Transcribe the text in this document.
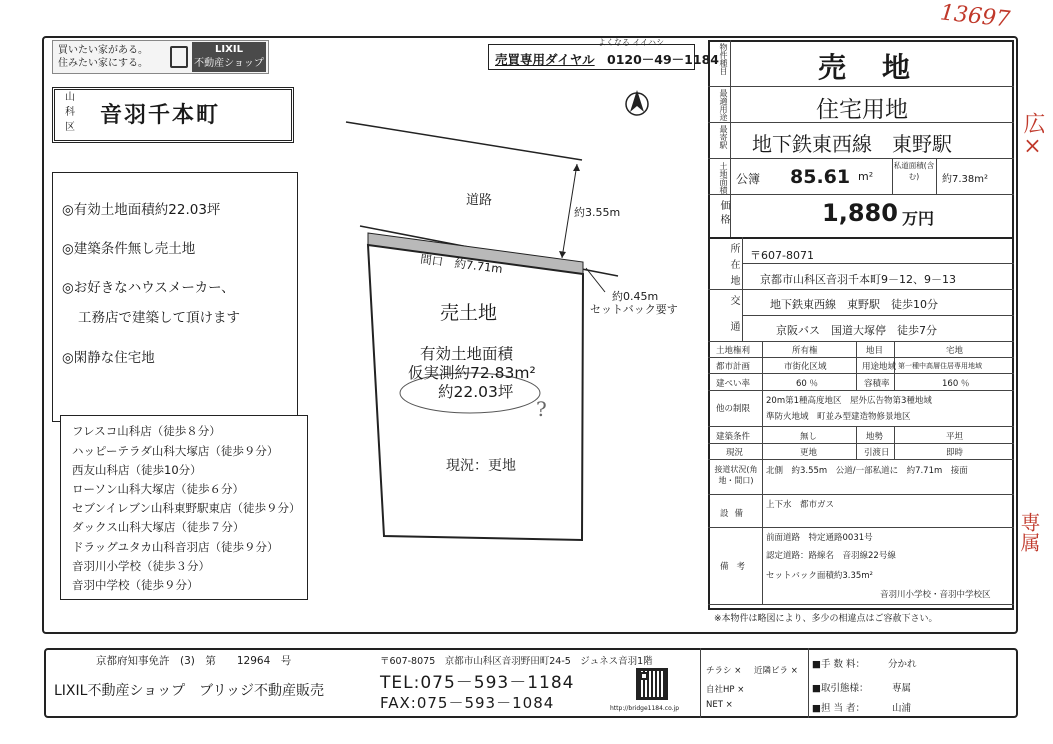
13697
広×
専属
買いたい家がある。
住みたい家にする。
LIXIL
不動産ショップ
山科区 音羽千本町
◎有効土地面積約22.03坪
◎建築条件無し売土地
◎お好きなハウスメーカー、
工務店で建築して頂けます
◎閑静な住宅地
フレスコ山科店（徒歩８分）
ハッピーテラダ山科大塚店（徒歩９分）
西友山科店（徒歩10分）
ローソン山科大塚店（徒歩６分）
セブンイレブン山科東野駅東店（徒歩９分）
ダックス山科大塚店（徒歩７分）
ドラッグユタカ山科音羽店（徒歩９分）
音羽川小学校（徒歩３分）
音羽中学校（徒歩９分）
よくなる イイハシ
売買専用ダイヤル 0120－49－1184
?
道路
約3.55m
間口　約7.71m
約0.45m
セットバック要す
売土地
有効土地面積
仮実測約72.83m²
約22.03坪
現況：更地
物件種目	売　地
最適用途	住宅用地
最寄駅 地下鉄東西線　東野駅
土地面積 公簿 85.61 m²
私道面積(含む)	約7.38m²
価格	1,880 万円
所在地 〒607-8071
京都市山科区音羽千本町9－12、9－13
交通	地下鉄東西線　東野駅　徒歩10分
京阪バス　国道大塚停　徒歩7分
土地権利	所有権	地目	宅地
都市計画	市街化区域	用途地域 第一種中高層住居専用地域
建ぺい率	60 ％	容積率	160 ％
他の制限
20m第1種高度地区　屋外広告物第3種地域
準防火地域　町並み型建造物修景地区
建築条件	無し	地勢	平坦
現況	更地	引渡日	即時
接道状況(角地・間口)
北側　約3.55m　公道/一部私道に　約7.71m　接面
設備
上下水　都市ガス
備考
前面道路　特定通路0031号
認定道路：路線名　音羽線22号線
セットバック面積約3.35m²
音羽川小学校・音羽中学校区
※本物件は略図により、多少の相違点はご容赦下さい。
京都府知事免許　(3)　第　　12964　号	〒607-8075　京都市山科区音羽野田町24-5　ジュネス音羽1階
LIXIL不動産ショップ　ブリッジ不動産販売	TEL:075－593－1184
FAX:075－593－1084	http://bridge1184.co.jp
チラシ × 近隣ビラ ×
自社HP ×
NET ×
■手 数 料： 分かれ
■取引態様： 専属
■担 当 者：	山浦
